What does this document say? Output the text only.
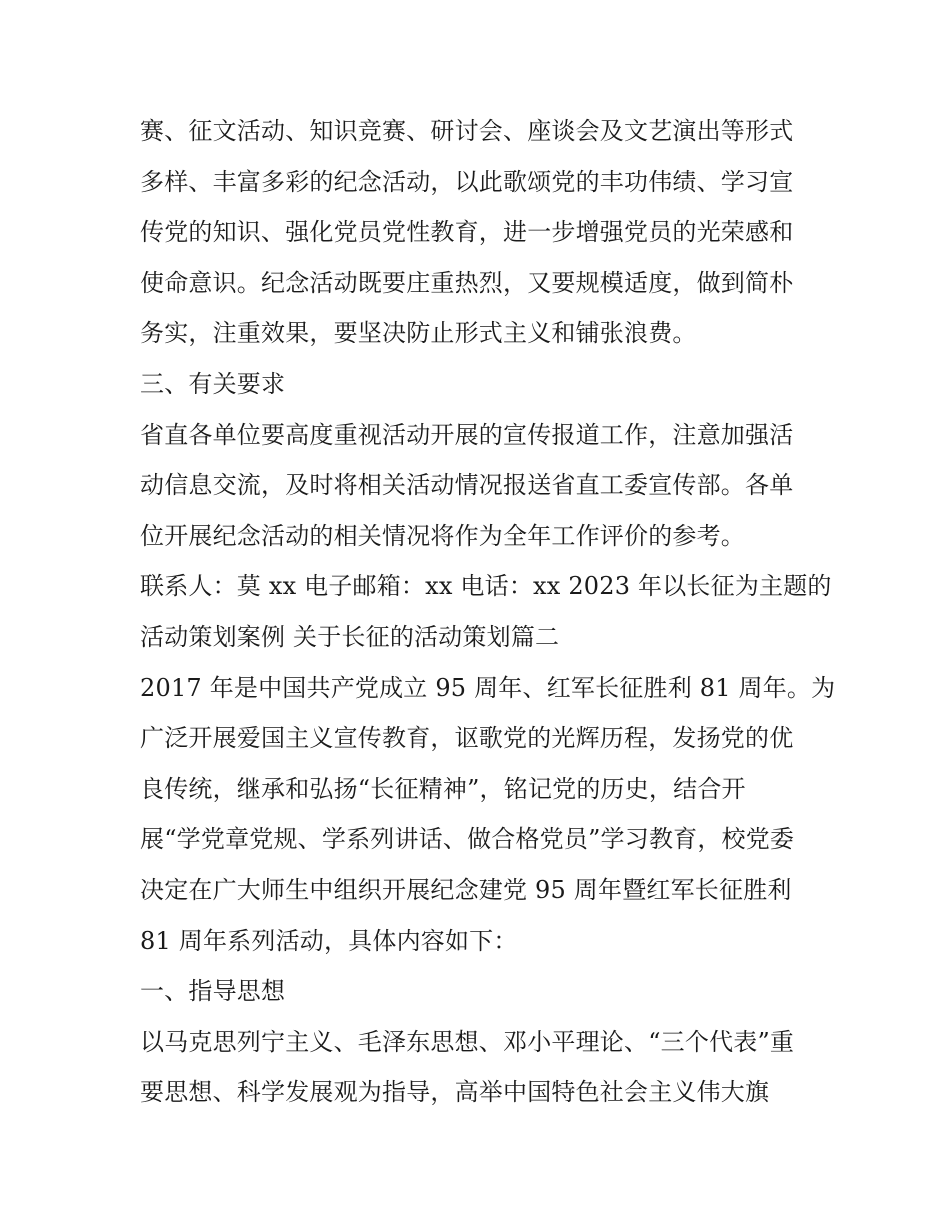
赛、征文活动、知识竞赛、研讨会、座谈会及文艺演出等形式
多样、丰富多彩的纪念活动，以此歌颂党的丰功伟绩、学习宣
传党的知识、强化党员党性教育，进一步增强党员的光荣感和
使命意识。纪念活动既要庄重热烈，又要规模适度，做到简朴
务实，注重效果，要坚决防止形式主义和铺张浪费。
三、有关要求
省直各单位要高度重视活动开展的宣传报道工作，注意加强活
动信息交流，及时将相关活动情况报送省直工委宣传部。各单
位开展纪念活动的相关情况将作为全年工作评价的参考。
联系人：莫 xx 电子邮箱：xx 电话：xx 2023 年以长征为主题的
活动策划案例 关于长征的活动策划篇二
2017 年是中国共产党成立 95 周年、红军长征胜利 81 周年。为
广泛开展爱国主义宣传教育，讴歌党的光辉历程，发扬党的优
良传统，继承和弘扬“长征精神”，铭记党的历史，结合开
展“学党章党规、学系列讲话、做合格党员”学习教育，校党委
决定在广大师生中组织开展纪念建党 95 周年暨红军长征胜利
81 周年系列活动，具体内容如下：
一、指导思想
以马克思列宁主义、毛泽东思想、邓小平理论、“三个代表”重
要思想、科学发展观为指导，高举中国特色社会主义伟大旗
